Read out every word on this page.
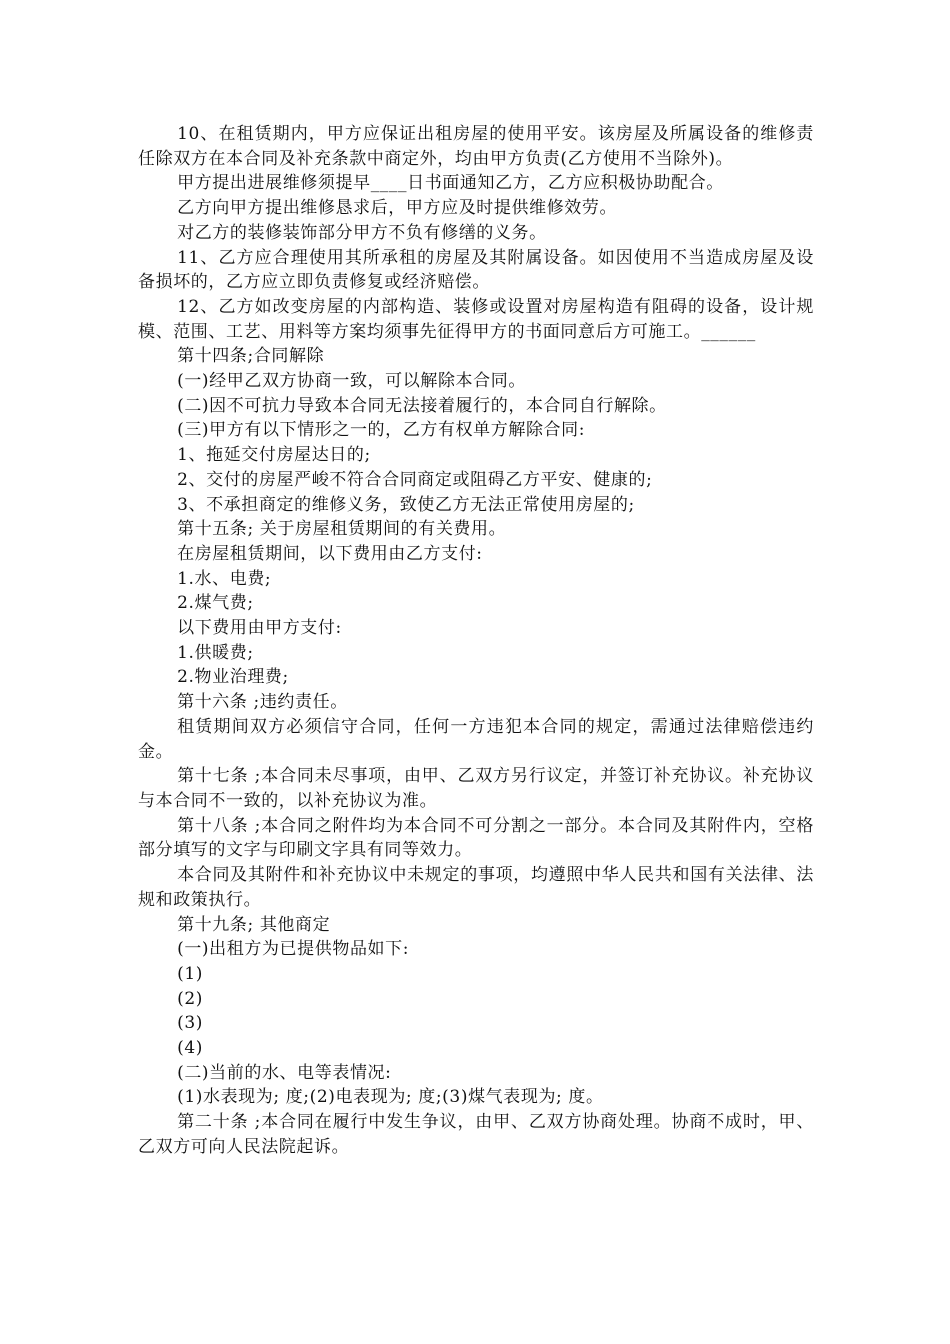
10、在租赁期内，甲方应保证出租房屋的使用平安。该房屋及所属设备的维修责任除双方在本合同及补充条款中商定外，均由甲方负责(乙方使用不当除外)。

甲方提出进展维修须提早____日书面通知乙方，乙方应积极协助配合。

乙方向甲方提出维修恳求后，甲方应及时提供维修效劳。

对乙方的装修装饰部分甲方不负有修缮的义务。

11、乙方应合理使用其所承租的房屋及其附属设备。如因使用不当造成房屋及设备损坏的，乙方应立即负责修复或经济赔偿。

12、乙方如改变房屋的内部构造、装修或设置对房屋构造有阻碍的设备，设计规模、范围、工艺、用料等方案均须事先征得甲方的书面同意后方可施工。______

第十四条;合同解除

(一)经甲乙双方协商一致，可以解除本合同。

(二)因不可抗力导致本合同无法接着履行的，本合同自行解除。

(三)甲方有以下情形之一的，乙方有权单方解除合同:

1、拖延交付房屋达日的;

2、交付的房屋严峻不符合合同商定或阻碍乙方平安、健康的;

3、不承担商定的维修义务，致使乙方无法正常使用房屋的;

第十五条; 关于房屋租赁期间的有关费用。

在房屋租赁期间，以下费用由乙方支付:

1.水、电费;

2.煤气费;

以下费用由甲方支付:

1.供暖费;

2.物业治理费;

第十六条 ;违约责任。

租赁期间双方必须信守合同，任何一方违犯本合同的规定，需通过法律赔偿违约金。

第十七条 ;本合同未尽事项，由甲、乙双方另行议定，并签订补充协议。补充协议与本合同不一致的，以补充协议为准。

第十八条 ;本合同之附件均为本合同不可分割之一部分。本合同及其附件内，空格部分填写的文字与印刷文字具有同等效力。

本合同及其附件和补充协议中未规定的事项，均遵照中华人民共和国有关法律、法规和政策执行。

第十九条; 其他商定

(一)出租方为已提供物品如下:

(1)

(2)

(3)

(4)

(二)当前的水、电等表情况:

(1)水表现为; 度;(2)电表现为; 度;(3)煤气表现为; 度。

第二十条 ;本合同在履行中发生争议，由甲、乙双方协商处理。协商不成时，甲、乙双方可向人民法院起诉。
